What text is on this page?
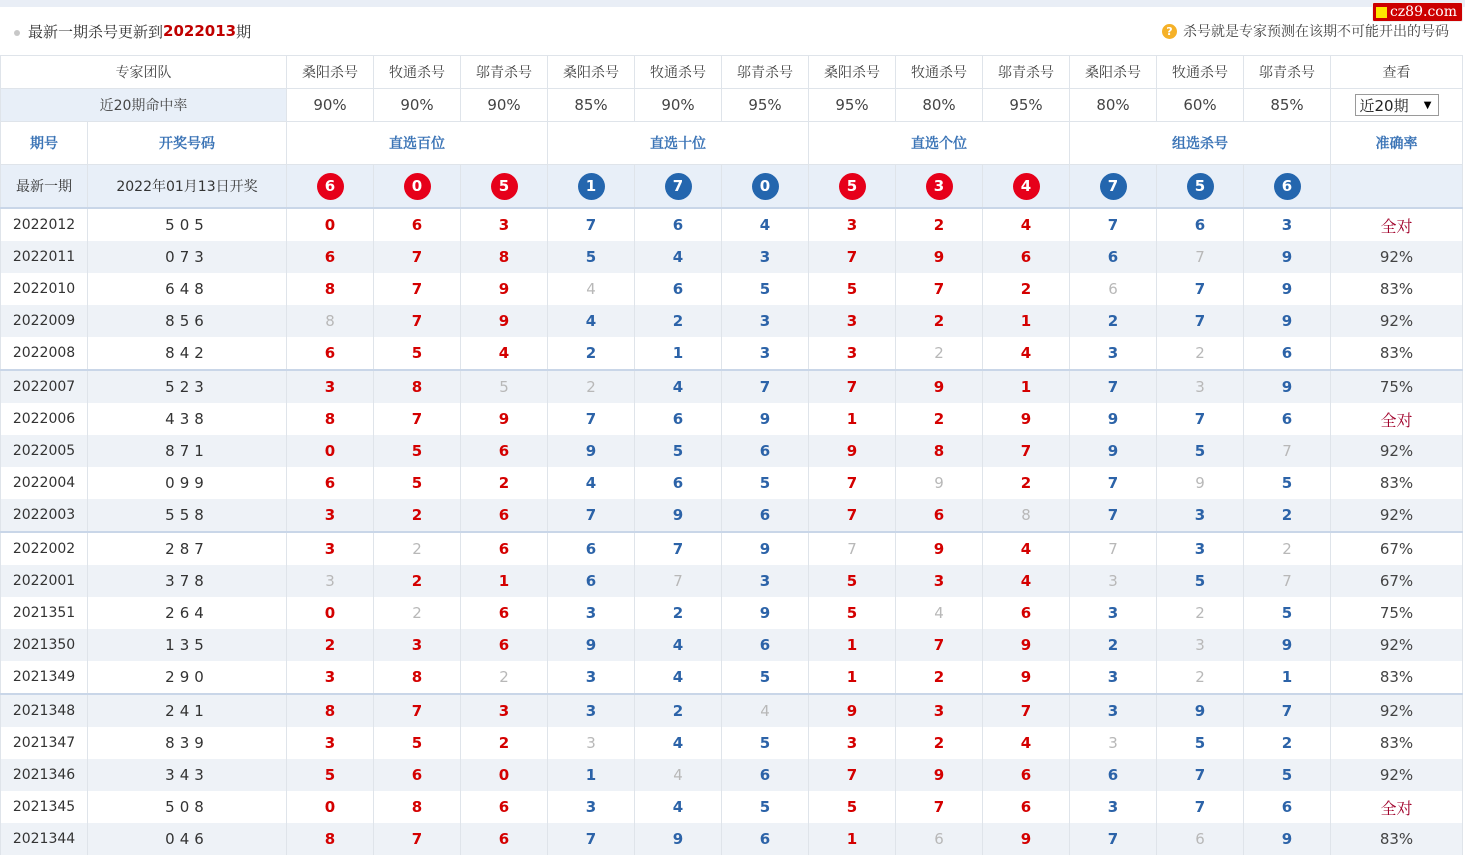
cz89.com
最新一期杀号更新到 2022013 期	? 杀号就是专家预测在该期不可能开出的号码
专家团队		桑阳杀号	牧通杀号	邬青杀号	桑阳杀号	牧通杀号	邬青杀号	桑阳杀号	牧通杀号	邬青杀号	桑阳杀号	牧通杀号	邬青杀号	查看
近20期命中率		90%	90%	90%	85%	90%	95%	95%	80%	95%	80%	60%	85%	近20期 ▼

期号	开奖号码	直选百位			直选十位			直选个位			组选杀号			准确率
最新一期	2022年01月13日开奖	6	0	5	1	7	0	5	3	4	7	5	6	
2022012	505	0	6	3	7	6	4	3	2	4	7	6	3	全对
2022011	073	6	7	8	5	4	3	7	9	6	6	7	9	92%
2022010	648	8	7	9	4	6	5	5	7	2	6	7	9	83%
2022009	856	8	7	9	4	2	3	3	2	1	2	7	9	92%
2022008	842	6	5	4	2	1	3	3	2	4	3	2	6	83%
2022007	523	3	8	5	2	4	7	7	9	1	7	3	9	75%
2022006	438	8	7	9	7	6	9	1	2	9	9	7	6	全对
2022005	871	0	5	6	9	5	6	9	8	7	9	5	7	92%
2022004	099	6	5	2	4	6	5	7	9	2	7	9	5	83%
2022003	558	3	2	6	7	9	6	7	6	8	7	3	2	92%
2022002	287	3	2	6	6	7	9	7	9	4	7	3	2	67%
2022001	378	3	2	1	6	7	3	5	3	4	3	5	7	67%
2021351	264	0	2	6	3	2	9	5	4	6	3	2	5	75%
2021350	135	2	3	6	9	4	6	1	7	9	2	3	9	92%
2021349	290	3	8	2	3	4	5	1	2	9	3	2	1	83%
2021348	241	8	7	3	3	2	4	9	3	7	3	9	7	92%
2021347	839	3	5	2	3	4	5	3	2	4	3	5	2	83%
2021346	343	5	6	0	1	4	6	7	9	6	6	7	5	92%
2021345	508	0	8	6	3	4	5	5	7	6	3	7	6	全对
2021344	046	8	7	6	7	9	6	1	6	9	7	6	9	83%
